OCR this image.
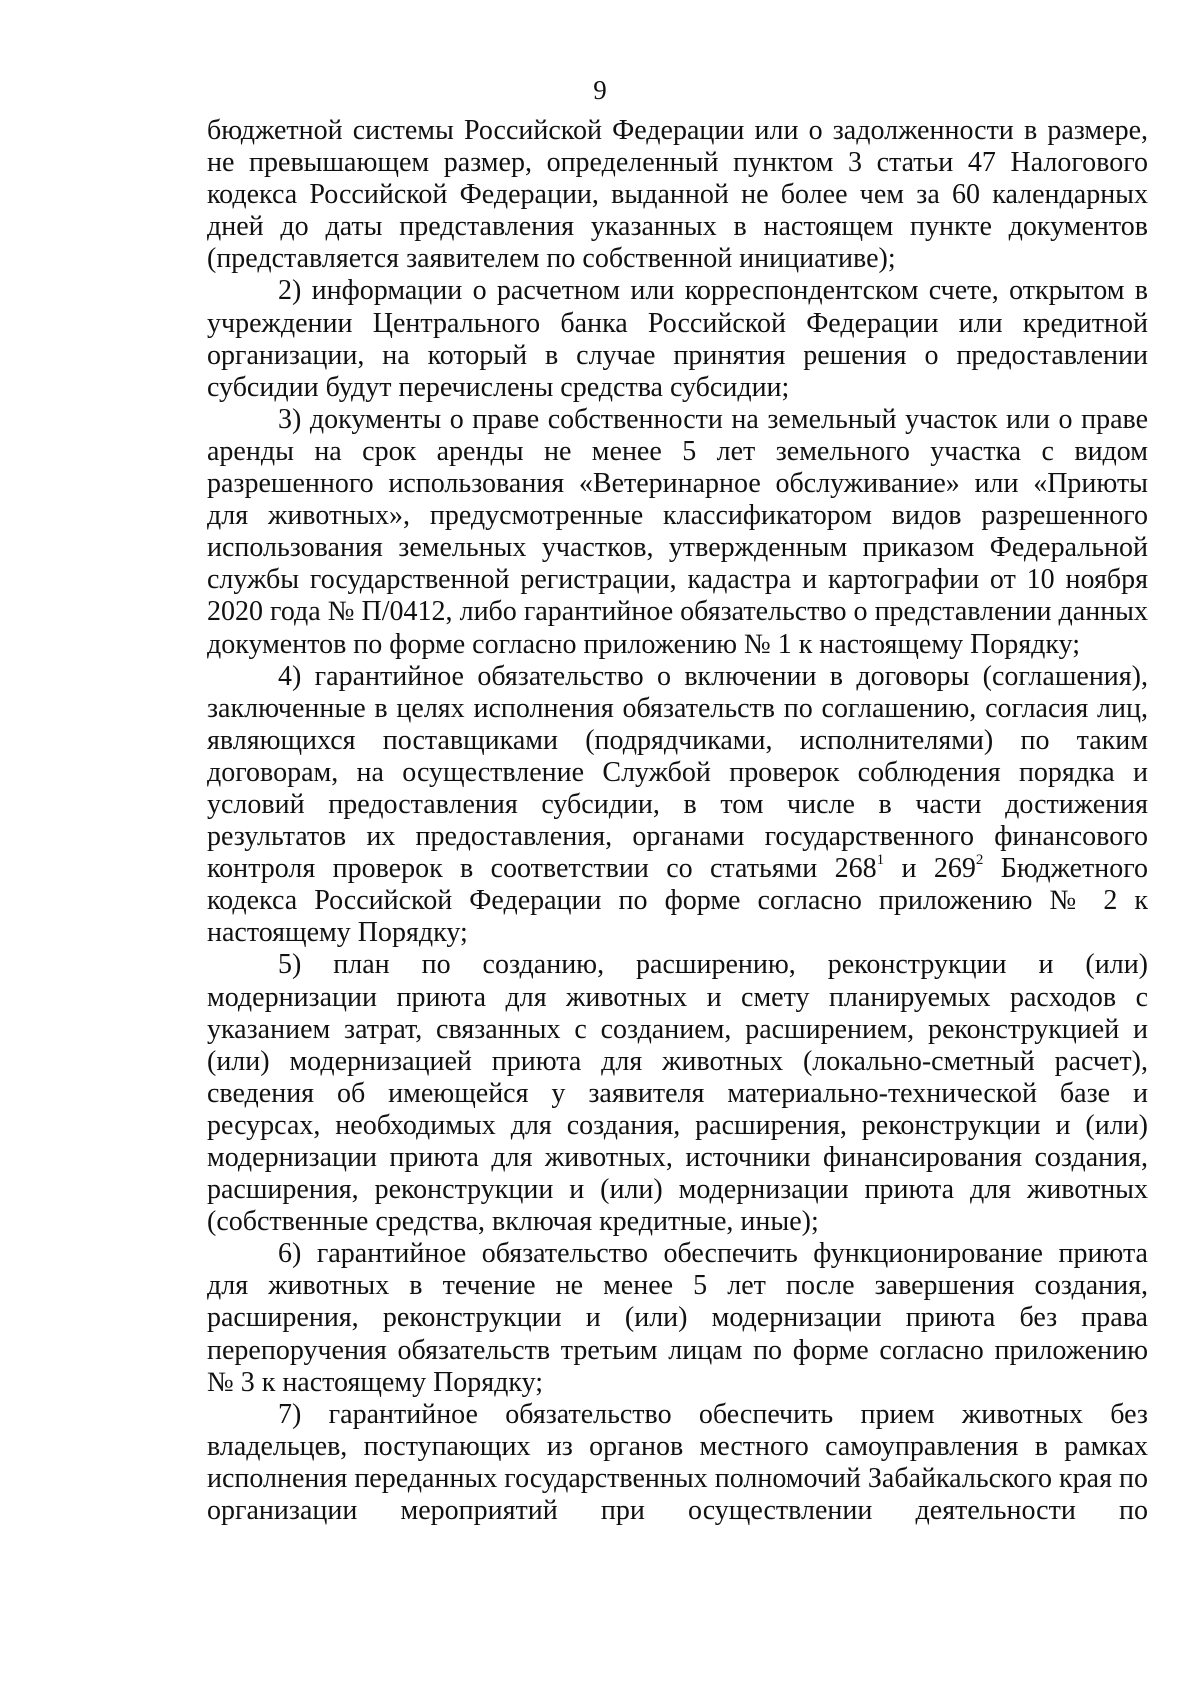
9

бюджетной системы Российской Федерации или о задолженности в размере, не превышающем размер, определенный пунктом 3 статьи 47 Налогового кодекса Российской Федерации, выданной не более чем за 60 календарных дней до даты представления указанных в настоящем пункте документов (представляется заявителем по собственной инициативе);

2) информации о расчетном или корреспондентском счете, открытом в учреждении Центрального банка Российской Федерации или кредитной организации, на который в случае принятия решения о предоставлении субсидии будут перечислены средства субсидии;

3) документы о праве собственности на земельный участок или о праве аренды на срок аренды не менее 5 лет земельного участка с видом разрешенного использования «Ветеринарное обслуживание» или «Приюты для животных», предусмотренные классификатором видов разрешенного использования земельных участков, утвержденным приказом Федеральной службы государственной регистрации, кадастра и картографии от 10 ноября 2020 года № П/0412, либо гарантийное обязательство о представлении данных документов по форме согласно приложению № 1 к настоящему Порядку;

4) гарантийное обязательство о включении в договоры (соглашения), заключенные в целях исполнения обязательств по соглашению, согласия лиц, являющихся поставщиками (подрядчиками, исполнителями) по таким договорам, на осуществление Службой проверок соблюдения порядка и условий предоставления субсидии, в том числе в части достижения результатов их предоставления, органами государственного финансового контроля проверок в соответствии со статьями $268^1$ и $269^2$ Бюджетного кодекса Российской Федерации по форме согласно приложению № 2 к настоящему Порядку;

5) план по созданию, расширению, реконструкции и (или) модернизации приюта для животных и смету планируемых расходов с указанием затрат, связанных с созданием, расширением, реконструкцией и (или) модернизацией приюта для животных (локально-сметный расчет), сведения об имеющейся у заявителя материально-технической базе и ресурсах, необходимых для создания, расширения, реконструкции и (или) модернизации приюта для животных, источники финансирования создания, расширения, реконструкции и (или) модернизации приюта для животных (собственные средства, включая кредитные, иные);

6) гарантийное обязательство обеспечить функционирование приюта для животных в течение не менее 5 лет после завершения создания, расширения, реконструкции и (или) модернизации приюта без права перепоручения обязательств третьим лицам по форме согласно приложению № 3 к настоящему Порядку;

7) гарантийное обязательство обеспечить прием животных без владельцев, поступающих из органов местного самоуправления в рамках исполнения переданных государственных полномочий Забайкальского края по организации мероприятий при осуществлении деятельности по
